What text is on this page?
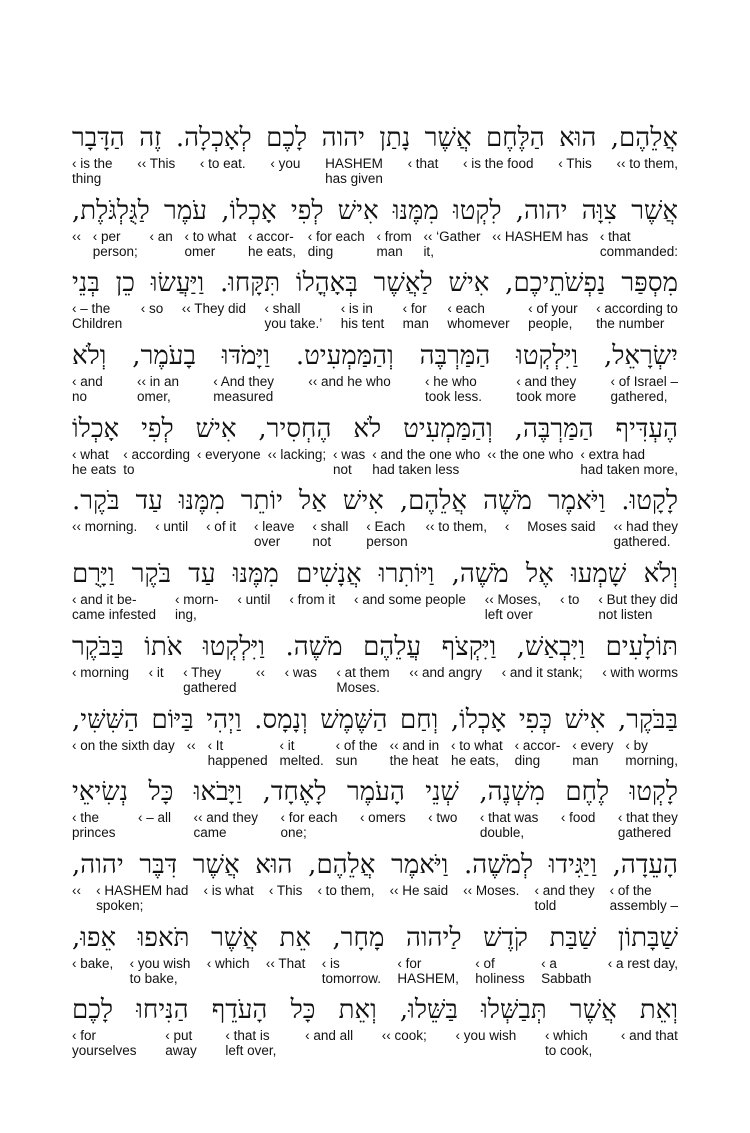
אֲלֵהֶם, הוּא הַלֶּחֶם אֲשֶׁר נָתַן יהוה לָכֶם לְאָכְלָה. זֶה הַדָּבָר
‹‹ to them,
‹ This
‹ is the food
‹ that
HASHEM
has given
‹ you
‹ to eat.
‹‹ This
‹ is the
thing
אֲשֶׁר צִוָּה יהוה, לִקְטוּ מִמֶּנּוּ אִישׁ לְפִי אָכְלוֹ, עֹמֶר לַגֻּלְגֹּלֶת,
‹ that
commanded:
‹‹ HASHEM has
‹‹ ‘Gather
it,
‹ from
man
‹ for each
ding
‹ accor-
he eats,
‹ to what
omer
‹ an
‹ per
person;
‹‹
מִסְפַּר נַפְשֹׁתֵיכֶם, אִישׁ לַאֲשֶׁר בְּאָהֳלוֹ תִּקָּחוּ. וַיַּעֲשׂוּ כֵן בְּנֵי
‹ according to
the number
‹ of your
people,
‹ each
whomever
‹ for
man
‹ is in
his tent
‹ shall
you take.’
‹‹ They did
‹ so
‹ – the
Children
יִשְׂרָאֵל, וַיִּלְקְטוּ הַמַּרְבֶּה וְהַמַּמְעִיט. וַיָּמֹדּוּ בָעֹמֶר, וְלֹא
‹ of Israel –
gathered,
‹ and they
took more
‹ he who
took less.
‹‹ and he who
‹ And they
measured
‹‹ in an
omer,
‹ and
no
הֶעְדִּיף הַמַּרְבֶּה, וְהַמַּמְעִיט לֹא הֶחְסִיר, אִישׁ לְפִי אָכְלוֹ
‹ extra had
had taken more,
‹‹ the one who
‹ and the one who
had taken less
‹ was
not
‹‹ lacking;
‹ everyone
‹ according
to
‹ what
he eats
לָקָטוּ. וַיֹּאמֶר מֹשֶׁה אֲלֵהֶם, אִישׁ אַל יוֹתֵר מִמֶּנּוּ עַד בֹּקֶר.
‹‹ had they
gathered.
Moses said
‹
‹‹ to them,
‹ Each
person
‹ shall
not
‹ leave
over
‹ of it
‹ until
‹‹ morning.
וְלֹא שָׁמְעוּ אֶל מֹשֶׁה, וַיּוֹתִרוּ אֲנָשִׁים מִמֶּנּוּ עַד בֹּקֶר וַיָּרֻם
‹ But they did
not listen
‹ to
‹‹ Moses,
left over
‹ and some people
‹ from it
‹ until
‹ morn-
ing,
‹ and it be-
came infested
תּוֹלָעִים וַיִּבְאַשׁ, וַיִּקְצֹף עֲלֵהֶם מֹשֶׁה. וַיִּלְקְטוּ אֹתוֹ בַּבֹּקֶר
‹ with worms
‹ and it stank;
‹‹ and angry
‹ at them
Moses.
‹ was
‹‹
‹ They
gathered
‹ it
‹ morning
בַּבֹּקֶר, אִישׁ כְּפִי אָכְלוֹ, וְחַם הַשֶּׁמֶשׁ וְנָמָס. וַיְהִי בַּיּוֹם הַשִּׁשִּׁי,
‹ by
morning,
‹ every
man
‹ accor-
ding
‹ to what
he eats,
‹‹ and in
the heat
‹ of the
sun
‹ it
melted.
‹ It
happened
‹‹
‹ on the sixth day
לָקְטוּ לֶחֶם מִשְׁנֶה, שְׁנֵי הָעֹמֶר לָאֶחָד, וַיָּבֹאוּ כָּל נְשִׂיאֵי
‹ that they
gathered
‹ food
‹ that was
double,
‹ two
‹ omers
‹ for each
one;
‹‹ and they
came
‹ – all
‹ the
princes
הָעֵדָה, וַיַּגִּידוּ לְמֹשֶׁה. וַיֹּאמֶר אֲלֵהֶם, הוּא אֲשֶׁר דִּבֶּר יהוה,
‹ of the
assembly –
‹ and they
told
‹‹ Moses.
‹‹ He said
‹ to them,
‹ This
‹ is what
‹ HASHEM had
spoken;
‹‹
שַׁבָּתוֹן שַׁבַּת קֹדֶשׁ לַיהוה מָחָר, אֵת אֲשֶׁר תֹּאפוּ אֵפוּ,
‹ a rest day,
‹ a
Sabbath
‹ of
holiness
‹ for
HASHEM,
‹ is
tomorrow.
‹‹ That
‹ which
‹ you wish
to bake,
‹ bake,
וְאֵת אֲשֶׁר תְּבַשְּׁלוּ בַּשֵּׁלוּ, וְאֵת כָּל הָעֹדֵף הַנִּיחוּ לָכֶם
‹ and that
‹ which
to cook,
‹ you wish
‹‹ cook;
‹ and all
‹ that is
left over,
‹ put
away
‹ for
yourselves
